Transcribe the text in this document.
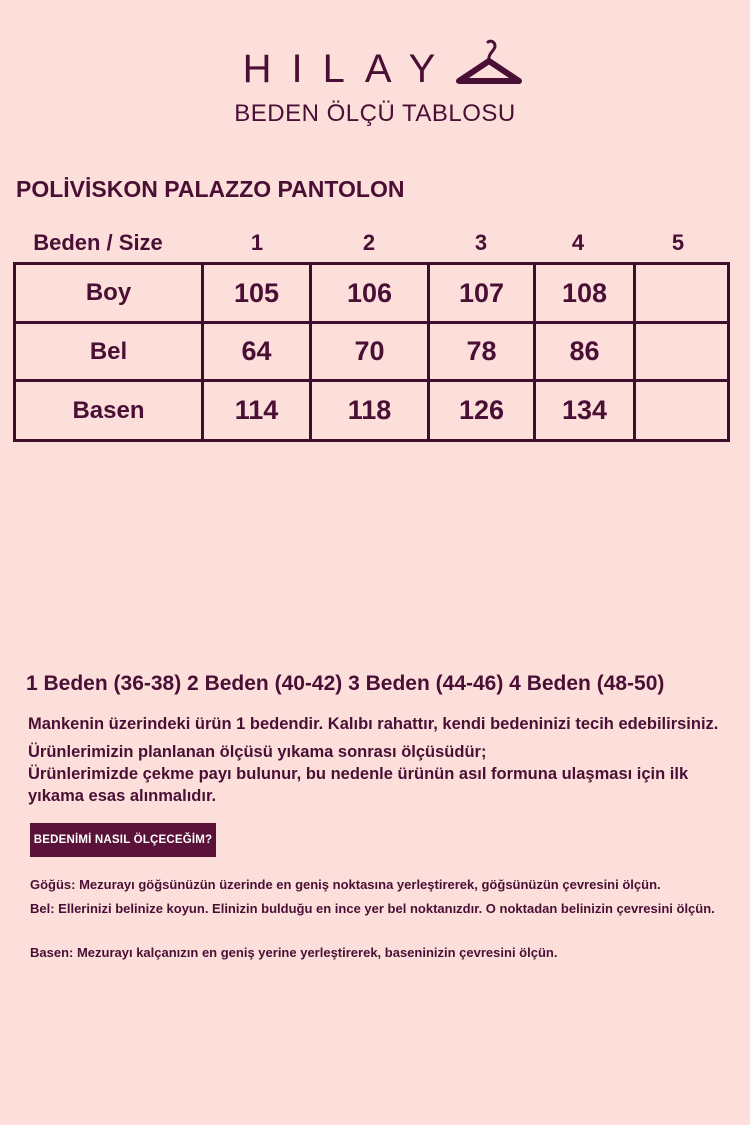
HILAY
BEDEN ÖLÇÜ TABLOSU
POLİVİSKON PALAZZO PANTOLON
Beden / Size	1	2	3	4	5
Boy	105	106	107	108	
Bel	64	70	78	86	
Basen	114	118	126	134	
1 Beden (36-38) 2 Beden (40-42) 3 Beden (44-46) 4 Beden (48-50)
Mankenin üzerindeki ürün 1 bedendir. Kalıbı rahattır, kendi bedeninizi tecih edebilirsiniz.
Ürünlerimizin planlanan ölçüsü yıkama sonrası ölçüsüdür;
Ürünlerimizde çekme payı bulunur, bu nedenle ürünün asıl formuna ulaşması için ilk yıkama esas alınmalıdır.
BEDENİMİ NASIL ÖLÇECEĞİM?
Göğüs: Mezurayı göğsünüzün üzerinde en geniş noktasına yerleştirerek, göğsünüzün çevresini ölçün.
Bel: Ellerinizi belinize koyun. Elinizin bulduğu en ince yer bel noktanızdır. O noktadan belinizin çevresini ölçün.
Basen: Mezurayı kalçanızın en geniş yerine yerleştirerek, baseninizin çevresini ölçün.
